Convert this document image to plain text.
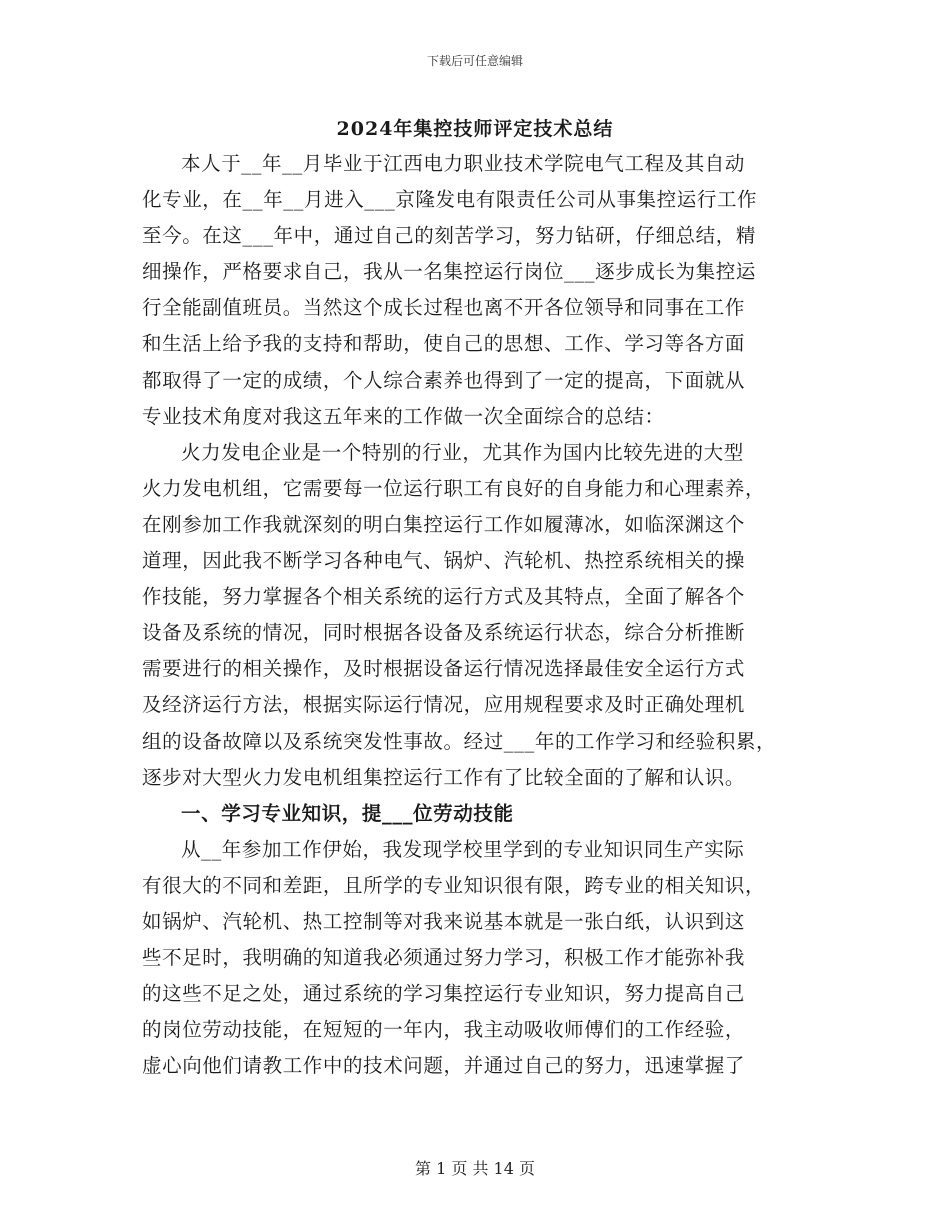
下载后可任意编辑
2024年集控技师评定技术总结
本人于__年__月毕业于江西电力职业技术学院电气工程及其自动
化专业，在__年__月进入___京隆发电有限责任公司从事集控运行工作
至今。在这___年中，通过自己的刻苦学习，努力钻研，仔细总结，精
细操作，严格要求自己，我从一名集控运行岗位___逐步成长为集控运
行全能副值班员。当然这个成长过程也离不开各位领导和同事在工作
和生活上给予我的支持和帮助，使自己的思想、工作、学习等各方面
都取得了一定的成绩，个人综合素养也得到了一定的提高，下面就从
专业技术角度对我这五年来的工作做一次全面综合的总结：
火力发电企业是一个特别的行业，尤其作为国内比较先进的大型
火力发电机组，它需要每一位运行职工有良好的自身能力和心理素养，
在刚参加工作我就深刻的明白集控运行工作如履薄冰，如临深渊这个
道理，因此我不断学习各种电气、锅炉、汽轮机、热控系统相关的操
作技能，努力掌握各个相关系统的运行方式及其特点，全面了解各个
设备及系统的情况，同时根据各设备及系统运行状态，综合分析推断
需要进行的相关操作，及时根据设备运行情况选择最佳安全运行方式
及经济运行方法，根据实际运行情况，应用规程要求及时正确处理机
组的设备故障以及系统突发性事故。经过___年的工作学习和经验积累，
逐步对大型火力发电机组集控运行工作有了比较全面的了解和认识。
一、学习专业知识，提___位劳动技能
从__年参加工作伊始，我发现学校里学到的专业知识同生产实际
有很大的不同和差距，且所学的专业知识很有限，跨专业的相关知识，
如锅炉、汽轮机、热工控制等对我来说基本就是一张白纸，认识到这
些不足时，我明确的知道我必须通过努力学习，积极工作才能弥补我
的这些不足之处，通过系统的学习集控运行专业知识，努力提高自己
的岗位劳动技能，在短短的一年内，我主动吸收师傅们的工作经验，
虚心向他们请教工作中的技术问题，并通过自己的努力，迅速掌握了
第 1 页 共 14 页
